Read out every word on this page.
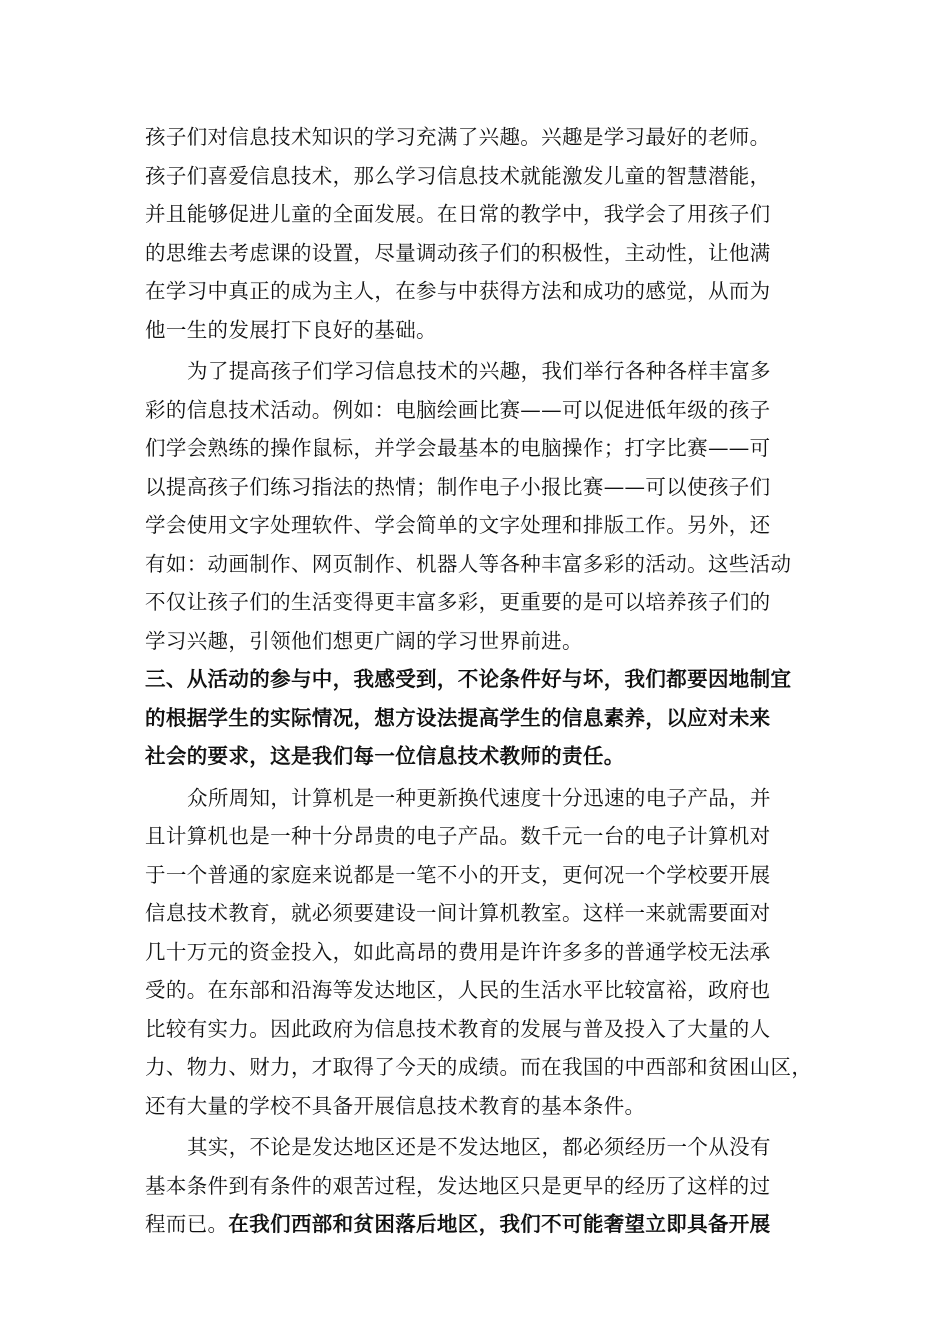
孩子们对信息技术知识的学习充满了兴趣。兴趣是学习最好的老师。
孩子们喜爱信息技术，那么学习信息技术就能激发儿童的智慧潜能，
并且能够促进儿童的全面发展。在日常的教学中，我学会了用孩子们
的思维去考虑课的设置，尽量调动孩子们的积极性，主动性，让他满
在学习中真正的成为主人，在参与中获得方法和成功的感觉，从而为
他一生的发展打下良好的基础。
为了提高孩子们学习信息技术的兴趣，我们举行各种各样丰富多
彩的信息技术活动。例如：电脑绘画比赛——可以促进低年级的孩子
们学会熟练的操作鼠标，并学会最基本的电脑操作；打字比赛——可
以提高孩子们练习指法的热情；制作电子小报比赛——可以使孩子们
学会使用文字处理软件、学会简单的文字处理和排版工作。另外，还
有如：动画制作、网页制作、机器人等各种丰富多彩的活动。这些活动
不仅让孩子们的生活变得更丰富多彩，更重要的是可以培养孩子们的
学习兴趣，引领他们想更广阔的学习世界前进。
三、从活动的参与中，我感受到，不论条件好与坏，我们都要因地制宜
的根据学生的实际情况，想方设法提高学生的信息素养，以应对未来
社会的要求，这是我们每一位信息技术教师的责任。
众所周知，计算机是一种更新换代速度十分迅速的电子产品，并
且计算机也是一种十分昂贵的电子产品。数千元一台的电子计算机对
于一个普通的家庭来说都是一笔不小的开支，更何况一个学校要开展
信息技术教育，就必须要建设一间计算机教室。这样一来就需要面对
几十万元的资金投入，如此高昂的费用是许许多多的普通学校无法承
受的。在东部和沿海等发达地区，人民的生活水平比较富裕，政府也
比较有实力。因此政府为信息技术教育的发展与普及投入了大量的人
力、物力、财力，才取得了今天的成绩。而在我国的中西部和贫困山区，
还有大量的学校不具备开展信息技术教育的基本条件。
其实，不论是发达地区还是不发达地区，都必须经历一个从没有
基本条件到有条件的艰苦过程，发达地区只是更早的经历了这样的过
程而已。在我们西部和贫困落后地区，我们不可能奢望立即具备开展
